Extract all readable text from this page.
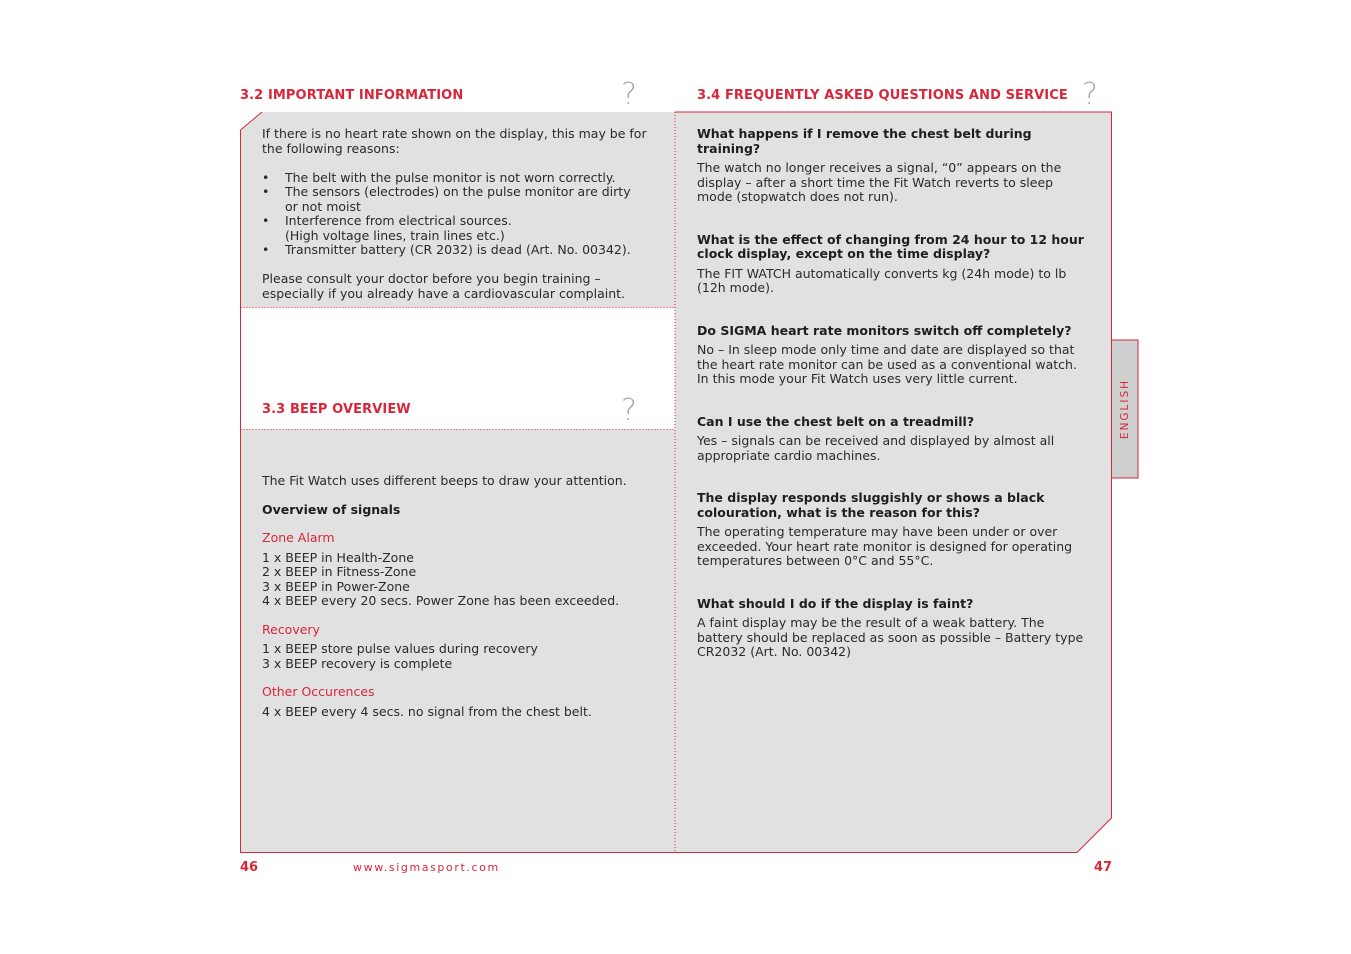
3.2 IMPORTANT INFORMATION	?

If there is no heart rate shown on the display, this may be for the following reasons:

• The belt with the pulse monitor is not worn correctly.
• The sensors (electrodes) on the pulse monitor are dirty
or not moist
• Interference from electrical sources.
(High voltage lines, train lines etc.)
• Transmitter battery (CR 2032) is dead (Art. No. 00342).

Please consult your doctor before you begin training – especially if you already have a cardiovascular complaint.

3.3 BEEP OVERVIEW	?

The Fit Watch uses different beeps to draw your attention.

Overview of signals

Zone Alarm

1 x BEEP in Health-Zone
2 x BEEP in Fitness-Zone
3 x BEEP in Power-Zone
4 x BEEP every 20 secs. Power Zone has been exceeded.

Recovery

1 x BEEP store pulse values during recovery
3 x BEEP recovery is complete

Other Occurences

4 x BEEP every 4 secs. no signal from the chest belt.
3.4 FREQUENTLY ASKED QUESTIONS AND SERVICE ?

What happens if I remove the chest belt during training?

The watch no longer receives a signal, “0” appears on the display – after a short time the Fit Watch reverts to sleep mode (stopwatch does not run).

What is the effect of changing from 24 hour to 12 hour clock display, except on the time display?

The FIT WATCH automatically converts kg (24h mode) to lb (12h mode).

Do SIGMA heart rate monitors switch off completely?

No – In sleep mode only time and date are displayed so that the heart rate monitor can be used as a conventional watch. In this mode your Fit Watch uses very little current.

Can I use the chest belt on a treadmill?

Yes – signals can be received and displayed by almost all appropriate cardio machines.

The display responds sluggishly or shows a black colouration, what is the reason for this?

The operating temperature may have been under or over exceeded. Your heart rate monitor is designed for operating temperatures between 0°C and 55°C.

What should I do if the display is faint?

A faint display may be the result of a weak battery. The battery should be replaced as soon as possible – Battery type CR2032 (Art. No. 00342)

ENGLISH
46	www.sigmasport.com	47
